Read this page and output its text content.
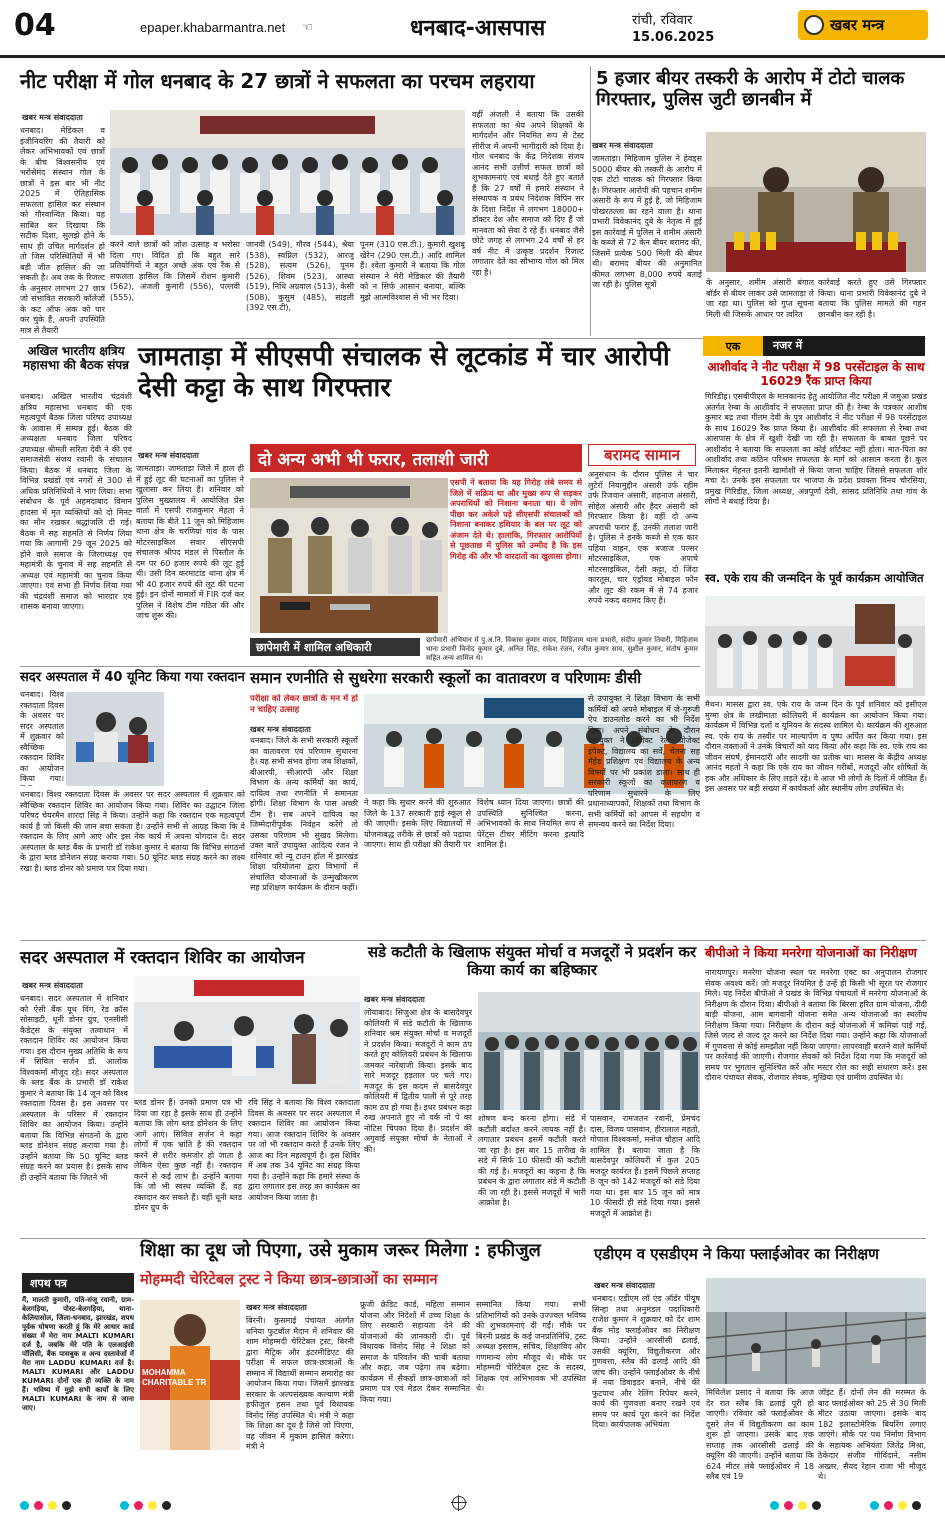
04	epaper.khabarmantra.net ☜	धनबाद-आसपास	रांची, रविवार
15.06.2025
खबर मन्त्र
नीट परीक्षा में गोल धनबाद के 27 छात्रों ने सफलता का परचम लहराया
खबर मन्त्र संवाददाता
धनबाद। मेडिकल व इंजीनियरिंग की तैयारी को लेकर अभिभावकों एवं छात्रों के बीच विश्वसनीय एवं भरोसेमंद संस्थान गोल के छात्रों ने इस बार भी नीट 2025 में ऐतिहासिक सफलता हासिल कर संस्थान को गौरवान्वित किया। यह साबित कर दिखाया कि सटीक दिशा, सुलझे होने के साथ ही उचित मार्गदर्शन हो तो जिस परिस्थितियों में भी बड़ी जीत हासिल की जा सकती है। अब तक के रिजल्ट के अनुसार लगभग 27 छात्र जो संभावित सरकारी कॉलेजों के कट ऑफ अंक को पार कर चुके हैं, अपनी उपस्थिति मात्र से तैयारी
करने वाले छात्रों को जोश उत्साह व भरोसा दिला गए। विदित हो कि बहुत सारे प्रतियोगियों ने बहुत अच्छे अंक एवं रैंक से सफलता हासिल कि जिसमें रोशन कुमारी (562), अंजली कुमारी (556), पल्लवी (555),
जानवी (549), गौरव (544), श्रेया (538), स्वप्निल (532), आरजू (528), सत्यम (526), पूनम (526), शिवम (523), आस्था (519), निधि अग्रवाल (513), केसी (508), कुसुम (485), साइली (392 एस.टी),
पूनम (310 एस.टी.), कुमारी खुशबू खेरेन (290 एस.टी.) आदि शामिल हैं। श्वेता कुमारी ने बताया कि गोल संस्थान ने मेरी मेडिकल की तैयारी को न सिर्फ आसान बनाया, बल्कि मुझे आत्मविश्वास से भी भर दिया।
वहीं अंजली ने बताया कि उसकी सफलता का श्रेय अपने शिक्षकों के मार्गदर्शन और नियमित रूप से टेस्ट सीरीज में अपनी भागीदारी को दिया है। गोल धनबाद के केंद्र निदेशक संजय आनंद सभी उत्तीर्ण सफल छात्रों को शुभकामनाएं एवं बधाई देते हुए बताते हैं कि 27 वर्षों में हमारे संस्थान ने संस्थापक व प्रबंध निदेशक विपिन सर के दिशा निर्देश में लगभग 18000+ डॉक्टर देश और समाज को दिए हैं जो मानवता को सेवा दे रहे हैं। धनबाद जैसे छोटे जगह से लगभग 24 वर्षों से हर वर्ष नीट में उत्कृष्ट प्रदर्शन रिजल्ट लगातार देते का सौभाग्य गोल को मिल रहा है।
5 हजार बीयर तस्करी के आरोप में टोटो चालक गिरफ्तार, पुलिस जुटी छानबीन में
खबर मन्त्र संवाददाता
जामताड़ा। मिहिजाम पुलिस ने हेवड्स 5000 बीयर की तस्करी के आरोप में एक टोटो चालक को गिरफ्तार किया है। गिरफ्तार आरोपी की पहचान शमीम अंसारी के रूप में हुई है, जो मिहिजाम पोखरतल्ला का रहने वाला है। थाना प्रभारी विवेकानंद दुबे के नेतृत्व में हुई इस कार्रवाई में पुलिस ने शमीम अंसारी के कब्जे से 72 केन बीयर बरामद की, जिसमें प्रत्येक 500 मिली की बीयर थी। बरामद बीयर की अनुमानित कीमत लगभग 8,000 रुपये बताई जा रही है। पुलिस सूत्रों	के अनुसार, शमीम अंसारी बंगाल बॉर्डर से बीयर लाकर उसे जामताड़ा ले जा रहा था। पुलिस को गुप्त सूचना मिली थी जिसके आधार पर त्वरित
कार्रवाई करते हुए उसे गिरफ्तार किया। थाना प्रभारी विवेकानंद दुबे ने बताया कि पुलिस मामले की गहन छानबीन कर रही है।
अखिल भारतीय क्षत्रिय महासभा की बैठक संपन्न
धनबाद। अखिल भारतीय चंद्रवंशी क्षत्रिय महासभा धनबाद की एक महत्वपूर्ण बैठक जिला परिषद उपाध्यक्ष के आवास में सम्पन्न हुई। बैठक की अध्यक्षता धनबाद जिला परिषद उपाध्यक्ष श्रीमती सरिता देवी ने की एवं समाजसेवी संजय रवानी के संचालन किया। बैठक में धनबाद जिला के विभिन्न प्रखंडों एवं नगरों से 300 से अधिक प्रतिनिधियों ने भाग लिया। सभा संबोधन के पूर्व अहमदाबाद विमान हादसा में मृत व्यक्तियों को दो मिनट का मौन रखकर श्रद्धांजलि दी गई। बैठक में सह सहमति से निर्णय लिया गया कि आगामी 29 जून 2025 को होने वाले समाज के जिलाध्यक्ष एवं महामंत्री के चुनाव में सह सहमति से अध्यक्ष एवं महामंत्री का चुनाव किया जाएगा। एवं सभा ही निर्णय लिया गया की चंद्रवंशी समाज को भारदार एवं शासक बनाया जाएगा।
जामताड़ा में सीएसपी संचालक से लूटकांड में चार आरोपी देसी कट्टा के साथ गिरफ्तार
खबर मन्त्र संवाददाता
जामताड़ा। जामताड़ा जिले में हाल ही में हुई लूट की घटनाओं का पुलिस ने खुलासा कर लिया है। शनिवार को पुलिस मुख्यालय में आयोजित प्रेस वार्ता में एसपी राजकुमार मेहता ने बताया कि बीते 11 जून को मिहिजाम थाना क्षेत्र के चरणियां गांव के पास मोटरसाइकिल सवार सीएसपी संचालक श्रीपद मंडल से पिस्तौल के दम पर 60 हजार रुपये की लूट हुई थी। उसी दिन करमाटांड थाना क्षेत्र में भी 40 हजार रुपये की लूट की घटना हुई। इन दोनों मामलों में FIR दर्ज कर पुलिस ने विशेष टीम गठित की और जांच शुरू की।
दो अन्य अभी भी फरार, तलाशी जारी
एसपी ने बताया कि यह गिरोह लंबे समय से जिले में सक्रिय था और मुख्य रूप से सड़कर अपराधियों को निशाना बनाता था। ये लोग पीछा कर अकेले पड़े सीएसपी संचालकों को निशाना बनाकर हथियार के बल पर लूट को अंजाम देते थे। हालांकि, गिरफ्तार आरोपियों से पूछताछ में पुलिस को उम्मीद है कि इस गिरोह की और भी वारदातों का खुलासा होगा।
बरामद सामान
अनुसंधान के दौरान पुलिस ने चार लुटेरों नियामुद्दीन अंसारी उर्फ रहीम उर्फ रिजवान अंसारी, शहनाज अंसारी, सोहेल अंसारी और हैदर अंसारी को गिरफ्तार किया है। वहीं दो अन्य अपराधी फरार हैं, उनकी तलाश जारी है। पुलिस ने इनके कब्जे से एक कार पहिया वाहन, एक बजाज पल्सर मोटरसाइकिल, एक अपाचे मोटरसाइकिल, देसी कट्टा, दो जिंदा कारतूस, चार एंड्रॉयड मोबाइल फोन और लूट की रकम में से 74 हजार रुपये नकद बरामद किए हैं।
छापेमारी में शामिल अधिकारी
छापेमारी अभियान में पु.अ.नि. विकास कुमार यादव, मिहिजाम थाना प्रभारी, संदीप कुमार तिवारी, मिहिजाम थाना प्रभारी विनोद कुमार दुबे, अनिल सिंह, राकेश रंजन, रंजीत कुमार साव, सुशील कुमार, संतोष कुमार सहित अन्य शामिल थे।
एक	नजर में
आशीर्वाद ने नीट परीक्षा में 98 परसेंटाइल के साथ 16029 रैंक प्राप्त किया
गिरिडीह। एसबीपीएल के मानकानंद हेतु आयोजित नीट परीक्षा में जमुआ प्रखंड अंतर्गत रेम्बा के आशीर्वाद ने सफलता प्राप्त की है। रेम्बा के पत्रकार आशीष कुमार बद्र तथा गीतम देवी के पुत्र आशीर्वाद ने नीट परीक्षा में 98 परसेंटाइल के साथ 16029 रैंक प्राप्त किया है। आशीर्वाद की सफलता से रेम्बा तथा आसपास के क्षेत्र में खुशी देखी जा रही है। सफलता के बाबत पूछने पर आशीर्वाद ने बताया कि सफलता का कोई शॉर्टकट नहीं होता। मात-पिता का आशीर्वाद तथा कठिन परिश्रम सफलता के मार्ग को आसान करता है। कुल मिलाकर मेहनत इतनी खामोशी से किया जाना चाहिए जिससे सफलता शोर मचा दे। उनके इस सफलता पर भाजपा के प्रदेश प्रवक्ता विनय चौरसिया, प्रमुख गिरिडीह, जिला अध्यक्ष, अन्नपूर्णा देवी, सांसद प्रतिनिधि तथा गांव के लोगों ने बधाई दिया है।
स्व. एके राय की जन्मदिन के पूर्व कार्यक्रम आयोजित
मैथन। मासस द्वारा स्व. एके राय के जन्म दिन के पूर्व शनिवार को इसीएल मुग्मा क्षेत्र के लखीमाता कोलियरी में कार्यक्रम का आयोजन किया गया। कार्यक्रम में विभिन्न दलों व यूनियन के सदस्य शामिल थे। कार्यक्रम की शुरुआत स्व. एके राय के तस्वीर पर माल्यार्पण व पुष्प अर्पित कर किया गया। इस दौरान वक्ताओं ने उनके विचारों को याद किया और कहा कि स्व. एके राय का जीवन संघर्ष, ईमानदारी और सादगी का प्रतीक था। मासस के केंद्रीय अध्यक्ष आनंद महतो ने कहा कि एके राय का जीवन गरीबों, मजदूरों और शोषितों के हक और अधिकार के लिए लड़ते रहे। वे आज भी लोगों के दिलों में जीवित हैं। इस अवसर पर बड़ी संख्या में कार्यकर्ता और स्थानीय लोग उपस्थित थे।
सदर अस्पताल में 40 यूनिट किया गया रक्तदान
धनबाद। विश्व रक्तदाता दिवस के अवसर पर सदर अस्पताल में शुक्रवार को स्वैच्छिक रक्तदान शिविर का आयोजन किया गया।
धनबाद। विश्व रक्तदाता दिवस के अवसर पर सदर अस्पताल में शुक्रवार को स्वैच्छिक रक्तदान शिविर का आयोजन किया गया। शिविर का उद्घाटन जिला परिषद चेयरमैन शारदा सिंह ने किया। उन्होंने कहा कि रक्तदान एक महत्वपूर्ण कार्य है जो किसी की जान बचा सकता है। उन्होंने सभी से आग्रह किया कि वे रक्तदान के लिए आगे आएं और इस नेक कार्य में अपना योगदान दें। सदर अस्पताल के ब्लड बैंक के प्रभारी डॉ राकेश कुमार ने बताया कि विभिन्न संगठनों के द्वारा ब्लड डोनेशन संग्रह कराया गया। 50 यूनिट ब्लड संग्रह करने का लक्ष्य रखा है। ब्लड डोनर को प्रमाण पत्र दिया गया।
समान रणनीति से सुधरेगा सरकारी स्कूलों का वातावरण व परिणामः डीसी
परीक्षा को लेकर छात्रों के मन में हो न चाहिए उत्साह
खबर मन्त्र संवाददाता
धनबाद। जिले के सभी सरकारी स्कूलों का वातावरण एवं परिणाम सुधारना है। यह सभी संभव होगा जब शिक्षकों, बीआरपी, सीआरपी और शिक्षा विभाग के अन्य कर्मियों का कार्य, दायित्व तथा रणनीति में समानता होगी। शिक्षा विभाग के पास अच्छी टीम है। सब अपने दायित्व का जिम्मेदारीपूर्वक निर्वहन करेंगे तो उसका परिणाम भी सुखद मिलेगा। उक्त बातें उपायुक्त आदित्य रंजन ने शनिवार को न्यू टाउन हॉल में झारखंड शिक्षा परियोजना द्वारा विभागों में संचालित योजनाओं के उन्मुखीकरण सह प्रशिक्षण कार्यक्रम के दौरान कहीं।
ने कहा कि सुधार करने की शुरुआत जिले के 137 सरकारी हाई स्कूल से की जाएगी। इसके लिए विद्यालयों में योजनाबद्ध तरीके से छात्रों को पढ़ाया जाएगा। साथ ही परीक्षा की तैयारी पर विशेष ध्यान दिया जाएगा। छात्रों की उपस्थिति सुनिश्चित करना, अभिभावकों के साथ नियमित रूप से पेरेंट्स टीचर मीटिंग करना इत्यादि शामिल है।
से उपायुक्त ने शिक्षा विभाग के सभी कर्मियों को अपने मोबाइल में जे-गुरुजी ऐप डाउनलोड करने का भी निर्देश दिया। अपने संबोधन के दौरान उपायुक्त ने प्रोजेक्ट रेल, प्रोजेक्ट इंपैक्ट, विद्यालय का सर्वे, चेतना सह मेहेड़ प्रशिक्षण एवं विद्यालय के अन्य विषयों पर भी प्रकाश डाला। साथ ही सरकारी स्कूलों का वातावरण व परिणाम सुधारने के लिए प्रधानाध्यापकों, शिक्षकों तथा विभाग के सभी कर्मियों को आपस में सहयोग व समन्वय करने का निर्देश दिया।
सदर अस्पताल में रक्तदान शिविर का आयोजन
खबर मन्त्र संवाददाता
धनबाद। सदर अस्पताल में शनिवार को ऐसी बैंक यूथ विंग, रेड क्रॉस सोसाइटी, धूनी डोनर ग्रुप, एनसीसी कैडेट्स के संयुक्त तत्वाधान में रक्तदान शिविर का आयोजन किया गया। इस दौरान मुख्य अतिथि के रूप में सिविल सर्जन डॉ. आलोक विश्वकर्मा मौजूद रहे। सदर अस्पताल के ब्लड बैंक के प्रभारी डॉ राकेश कुमार ने बताया कि 14 जून को विश्व रक्तदाता दिवस है। इस अवसर पर अस्पताल के परिसर में रक्तदान शिविर का आयोजन किया। उन्होंने बताया कि विभिन्न संगठनों के द्वारा ब्लड डोनेशन संग्रह कराया गया है। उन्होंने बताया कि 50 यूनिट ब्लड संग्रह करने का प्रयास है। इसके साथ ही उन्होंने बताया कि जितने भी
ब्लड डोनर हैं। उनको प्रमाण पत्र भी दिया जा रहा है इसके साथ ही उन्होंने बताया कि लोग ब्लड डोनेशन के लिए आगे आएं। सिविल सर्जन ने कहा लोगों में एक भ्रांति है की रक्तदान करने से शरीर कमजोर हो जाता है लेकिन ऐसा कुछ नहीं है। रक्तदान करने से कई लाभ है। उन्होंने बताया कि जो भी स्वस्थ व्यक्ति हैं, वह रक्तदान कर सकते हैं। वहीं धूनी ब्लड डोनर ग्रुप के
रवि सिंह ने बताया कि विश्व रक्तदाता दिवस के अवसर पर सदर अस्पताल में रक्तदान शिविर का आयोजन किया गया। आज रक्तदान शिविर के अवसर पर जो भी रक्तदान करते हैं उनके लिए आज का दिन महत्वपूर्ण है। इस शिविर में अब तक 34 यूनिट का संग्रह किया गया है। उन्होंने कहा कि हमारे संस्था के द्वारा लगातार इस तरह का कार्यक्रम का आयोजन किया जाता है।
सडे कटौती के खिलाफ संयुक्त मोर्चा व मजदूरों ने प्रदर्शन कर किया कार्य का बहिष्कार
खबर मन्त्र संवाददाता
लोयाबाद। सिजुआ क्षेत्र के बासदेवपुर कोलियरी में संडे कटौती के खिलाफ शनिवार श्रम संयुक्त मोर्चा व मजदूरों ने प्रदर्शन किया। मजदूरों ने काम ठप करते हुए कोलियरी प्रबंधन के खिलाफ जमकर नारेबाजी किया। इसके बाद सारे मजदूर हड़ताल पर चले गए। मजदूर के इस कदम से बासदेवपुर कोलियरी में द्वितीय पाली से पूरे तरह काम ठप हो गया है। इधर प्रबंधन कड़ा रुख अपनाते हुए नो वर्क नो पे का नोटिस चिपका दिया है। प्रदर्शन की अगुवाई संयुक्त मोर्चा के नेताओं ने की।
शोषण बन्द करना होगा। संडे में कटौती बर्दाश्त करने लायक नहीं है। लगातार प्रबंधन इसमें कटौती करते जा रहा है। इस बार 15 तारीख के संडे में सिर्फ 10 फीसदी की कटौती की गई है। मजदूरों का कहना है कि प्रबंधन के द्वारा लगातार संडे में कटौती की जा रही है। इससे मजदूरों में भारी आक्रोश है।
पासवान, रामजतन रवानी, प्रेमचंद दास, विजय पासवान, हीरालाल महतो, गोपाल विश्वकर्मा, मनोज चौहान आदि शामिल हैं। बताया जाता है कि बासदेवपुर कोलियरी में कुल 205 मजदूर कार्यरत हैं। इसमें पिछले सप्ताह 8 जून को 142 मजदूरों को संडे दिया गया था। इस बार 15 जून को मात्र 10 फीसदी ही संडे दिया गया। इससे मजदूरों में आक्रोश है।
बीपीओ ने किया मनरेगा योजनाओं का निरीक्षण
नारायणपुर। मनरेगा योजना स्थल पर मनरेगा एक्ट का अनुपालन रोजगार सेवक अवश्य करें। जो मजदूर नियमित है उन्हें ही किसी भी सूरत पर रोजगार मिले। यह निर्देश बीपीओ ने प्रखंड के विभिन्न पंचायतों में मनरेगा योजनाओं के निरीक्षण के दौरान दिया। बीपीओ ने बताया कि बिरसा हरित ग्राम योजना, दीदी बाड़ी योजना, आम बागवानी योजना समेत अन्य योजनाओं का स्थलीय निरीक्षण किया गया। निरीक्षण के दौरान कई योजनाओं में कमियां पाई गईं, जिसे जल्द से जल्द दूर करने का निर्देश दिया गया। उन्होंने कहा कि योजनाओं में गुणवत्ता से कोई समझौता नहीं किया जाएगा। लापरवाही बरतने वाले कर्मियों पर कार्रवाई की जाएगी। रोजगार सेवकों को निर्देश दिया गया कि मजदूरों को समय पर भुगतान सुनिश्चित करें और मस्टर रोल का सही संधारण करें। इस दौरान पंचायत सेवक, रोजगार सेवक, मुखिया एवं ग्रामीण उपस्थित थे।
शिक्षा का दूध जो पिएगा, उसे मुकाम जरूर मिलेगा : हफीजुल
मोहम्मदी चेरिटेबल ट्रस्ट ने किया छात्र-छात्राओं का सम्मान
MOHAMMA CHARITABLE TR
खबर मन्त्र संवाददाता
बिरनी। कुसमाई पंचायत अंतर्गत धनिया फुटबॉल मैदान में शनिवार की शाम मोहम्मदी चेरिटेबल ट्रस्ट, बिरनी द्वारा मैट्रिक और इंटरमीडिएट की परीक्षा में सफल छात्र-छात्राओं के सम्मान में विद्यार्थी सम्मान समारोह का आयोजन किया गया। जिसमें झारखंड सरकार के अल्पसंख्यक कल्याण मंत्री हफीजुल हसन तथा पूर्व विधायक विनोद सिंह उपस्थित थे। मंत्री ने कहा कि शिक्षा का दूध है जिसे जो पिएगा, वह जीवन में मुकाम हासिल करेगा। मंत्री ने
फ्रूजी क्रेडिट कार्ड, महिला सम्मान योजना और निदेशों में उच्च शिक्षा के लिए सरकारी सहायता देने की योजनाओं की जानकारी दी। पूर्व विधायक विनोद सिंह ने शिक्षा को समाज के परिवर्तन की चाबी बताया और कहा, जब पढ़ेगा तब बढ़ेगा। कार्यक्रम में सैकड़ों छात्र-छात्राओं को प्रमाण पत्र एवं मेडल देकर सम्मानित किया गया।
सम्मानित किया गया। सभी प्रतिभागियों को उनके उज्ज्वल भविष्य की शुभकामनाएं दी गईं। मौके पर बिरनी प्रखंड के कई जनप्रतिनिधि, ट्रस्ट अध्यक्ष इस्लाम, सचिव, शिक्षाविद और गणमान्य लोग मौजूद थे। मौके पर मोहम्मदी चेरिटेबल ट्रस्ट के सदस्य, शिक्षक एवं अभिभावक भी उपस्थित थे।
शपथ पत्र
मैं, मालती कुमारी, पति-संजू रवानी, ग्राम-बेलगड़िया, पोस्ट-बेलगड़िया, थाना-केलियासोल, जिला-धनबाद, झारखंड, शपथ पूर्वक घोषणा करती हूं कि मेरे आधार कार्ड संख्या में मेरा नाम MALTI KUMARI दर्ज है, जबकि मेरे पति के एलआईसी पॉलिसी, बैंक पासबुक व अन्य दस्तावेजों में मेरा नाम LADDU KUMARI दर्ज है। MALTI KUMARI और LADDU KUMARI दोनों एक ही व्यक्ति के नाम हैं। भविष्य में मुझे सभी कार्यों के लिए MALTI KUMARI के नाम से जाना जाए।
एडीएम व एसडीएम ने किया फ्लाईओवर का निरीक्षण
खबर मन्त्र संवाददाता
धनबाद। एडीएम लॉ एंड ऑर्डर पीयूष सिन्हा तथा अनुमंडल पदाधिकारी राजेश कुमार ने शुक्रवार को देर शाम बैंक मोड़ फ्लाईओवर का निरीक्षण किया। उन्होंने आरसीसी ढलाई, उसकी क्यूरिंग, विद्युतीकरण और गुणवत्ता, स्लैब की ढलाई आदि की जांच की। उन्होंने फ्लाईओवर के नीचे में नया डिवाइडर बनाने, नीचे की फुटपाथ और रेलिंग रिपेयर करने, कार्य की गुणवत्ता बनाए रखने एवं समय पर कार्य पूरा करने का निर्देश दिया। कार्यपालक अभियंता
मिथिलेश प्रसाद ने बताया कि आज देर रात स्लैब कि ढलाई पूरी हो जाएगी। रविवार को फ्लाईओवर के दूसरे लेन में विद्युतीकरण का काम शुरू हो जाएगा। उसके बाद एक सप्ताह तक आरसीसी ढलाई की क्यूरिंग की जाएगी। उन्होंने बताया कि 624 मीटर लंबे फ्लाईओवर में 18 स्लैब एवं 19
जॉइंट हैं। दोनों लेन की मरम्मत के बाद फ्लाईओवर को 25 से 30 मिली मीटर उठाया जाएगा। इसके बाद 182 इलास्टोमेरिक बियरिंग लगाए जाएंगे। मौके पर पथ निर्माण विभाग के सहायक अभियंता जितेंद्र मिश्रा, ठेकेदार संजीव गोविंदाने, नसीम अख्तर, सैयद रेहान राजा भी मौजूद थे।
